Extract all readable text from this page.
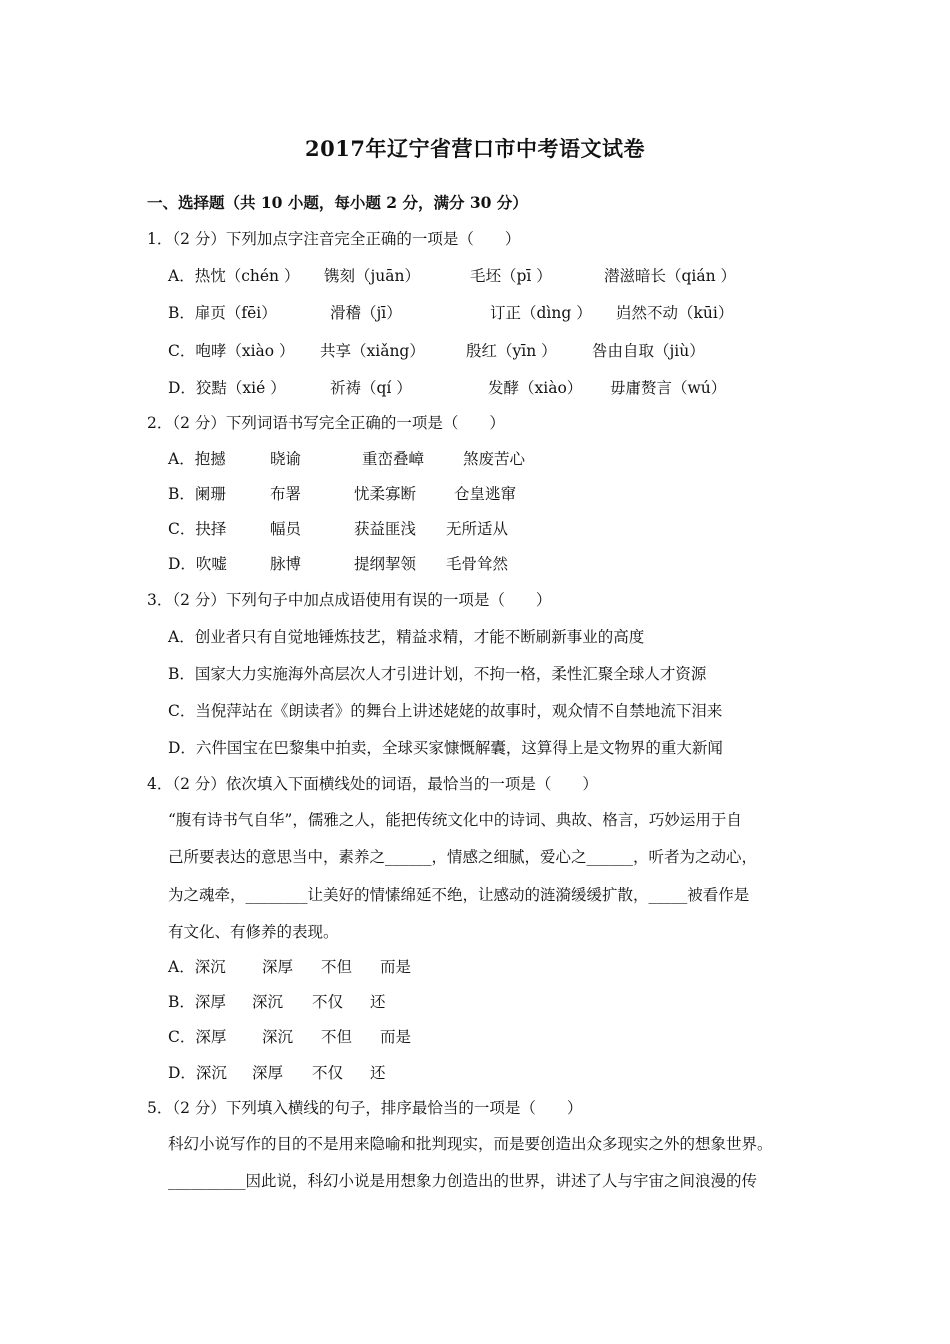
2017年辽宁省营口市中考语文试卷
一、选择题（共 10 小题，每小题 2 分，满分 30 分）
1．（2 分）下列加点字注音完全正确的一项是（　　）
A．热忱（chén ） 镌刻（juān）	毛坯（pī ）	潜滋暗长（qián ）
B．扉页（fēi）	滑稽（jī）	订正（dìng ） 岿然不动（kūi）
C．咆哮（xiào ） 共享（xiǎng）	殷红（yīn ） 咎由自取（jiù）
D．狡黠（xié ）	祈祷（qí ）	发酵（xiào） 毋庸赘言（wú）
2．（2 分）下列词语书写完全正确的一项是（　　）
A．抱撼	晓谕	重峦叠嶂	煞废苦心
B．阑珊	布署	忧柔寡断 仓皇逃窜
C．抉择	幅员	获益匪浅 无所适从
D．吹嘘	脉博	提纲挈领 毛骨耸然
3．（2 分）下列句子中加点成语使用有误的一项是（　　）
A．创业者只有自觉地锤炼技艺，精益求精，才能不断刷新事业的高度
B．国家大力实施海外高层次人才引进计划，不拘一格，柔性汇聚全球人才资源
C．当倪萍站在《朗读者》的舞台上讲述姥姥的故事时，观众情不自禁地流下泪来
D．六件国宝在巴黎集中拍卖，全球买家慷慨解囊，这算得上是文物界的重大新闻
4．（2 分）依次填入下面横线处的词语，最恰当的一项是（　　）
“腹有诗书气自华”，儒雅之人，能把传统文化中的诗词、典故、格言，巧妙运用于自
己所要表达的意思当中，素养之______，情感之细腻，爱心之______，听者为之动心，
为之魂牵，________让美好的情愫绵延不绝，让感动的涟漪缓缓扩散，_____被看作是
有文化、有修养的表现。
A．深沉 深厚 不但 而是
B．深厚 深沉 不仅 还
C．深厚 深沉 不但 而是
D．深沉 深厚 不仅 还
5．（2 分）下列填入横线的句子，排序最恰当的一项是（　　）
科幻小说写作的目的不是用来隐喻和批判现实，而是要创造出众多现实之外的想象世界。
__________因此说，科幻小说是用想象力创造出的世界，讲述了人与宇宙之间浪漫的传
